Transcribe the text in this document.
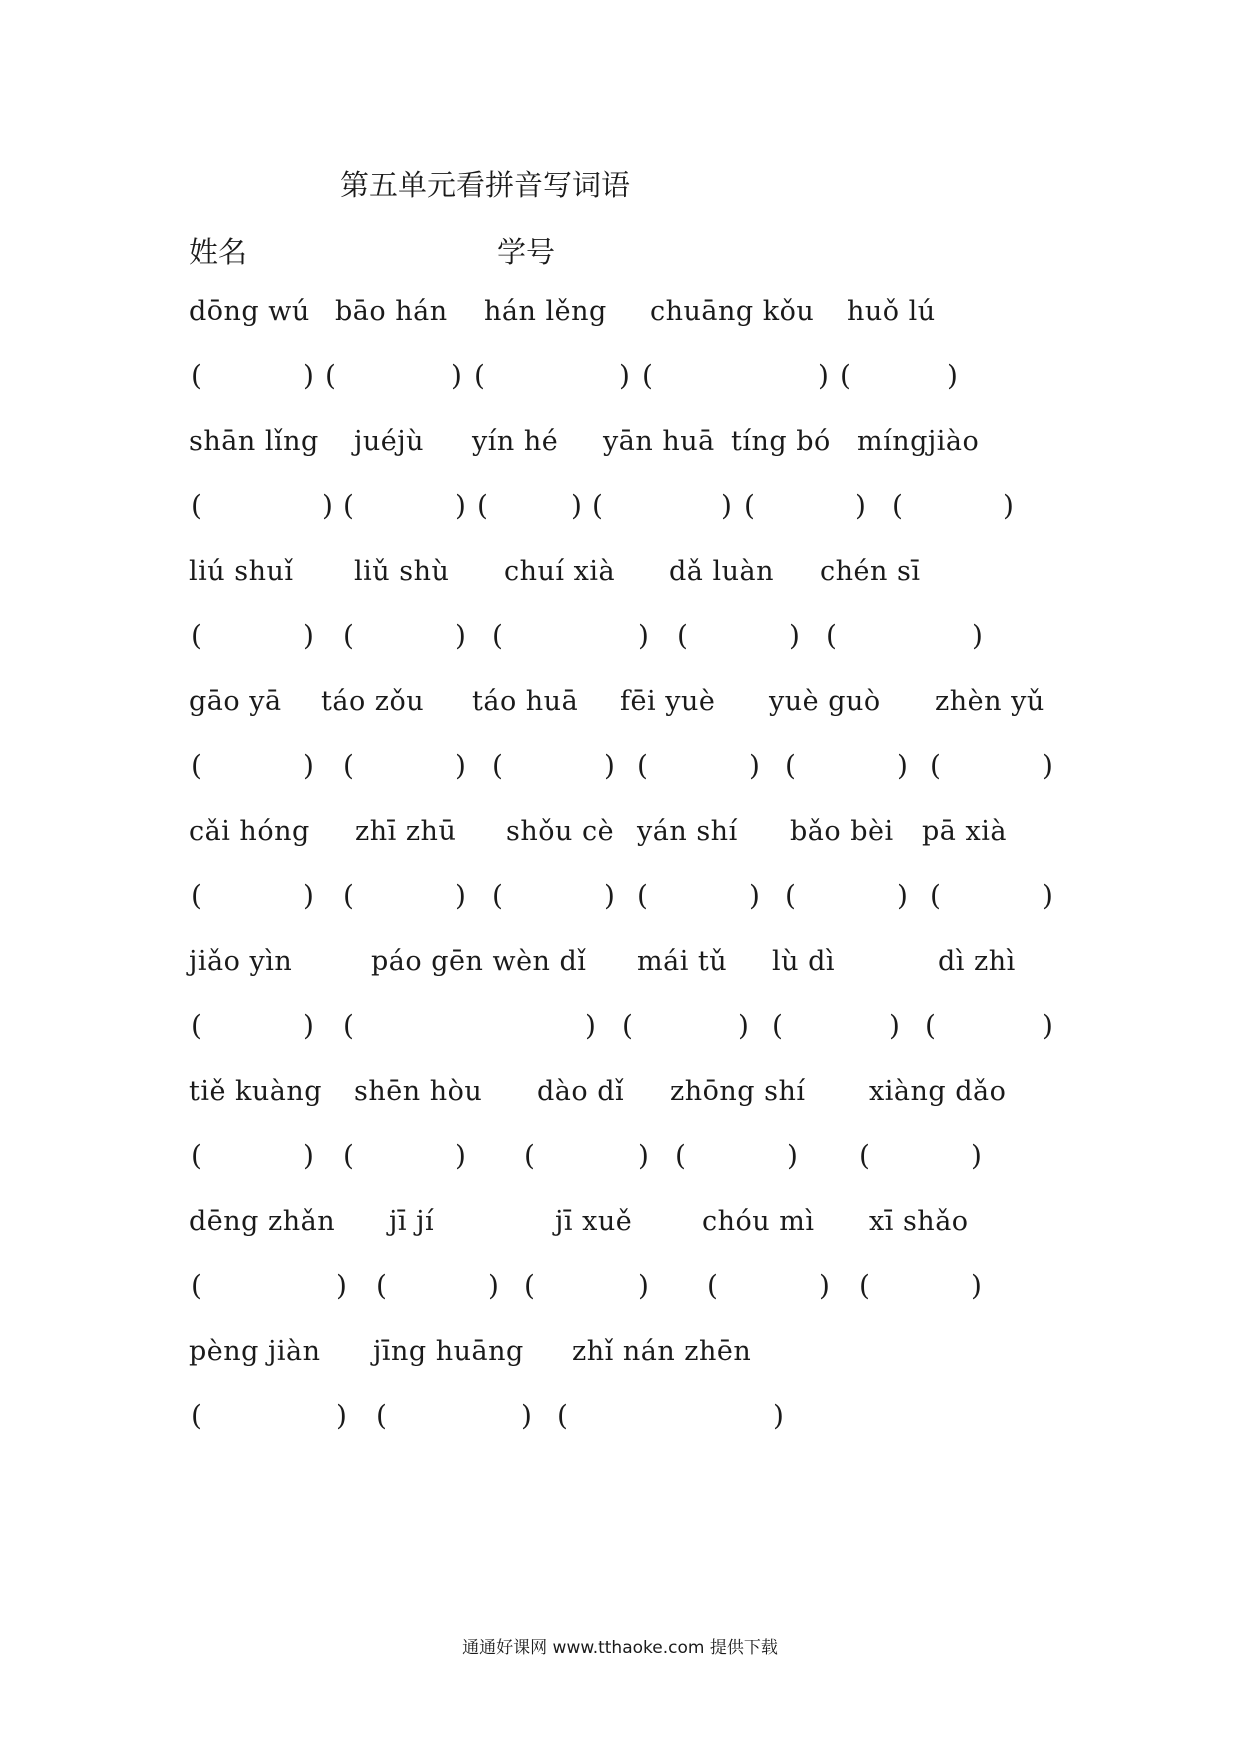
第五单元看拼音写词语
姓名	学号
dōng wú bāo hán hán lěng chuāng kǒu huǒ lú
(	) (	) (	) (	) (	)
shān lǐng juéjù yín hé yān huā tíng bó míngjiào
(	) (	) (	) (	) (	) (	)
liú shuǐ liǔ shù chuí xià dǎ luàn chén sī
(	) (	) (	) (	) (	)
gāo yā táo zǒu táo huā fēi yuè yuè guò zhèn yǔ
(	) (	) (	) (	) (	) (	)
cǎi hóng zhī zhū shǒu cè yán shí bǎo bèi pā xià
(	) (	) (	) (	) (	) (	)
jiǎo yìn	páo gēn wèn dǐ mái tǔ lù dì	dì zhì
(	) (	) (	) (	) (	)
tiě kuàng shēn hòu dào dǐ zhōng shí xiàng dǎo
(	) (	) (	) (	) (	)
dēng zhǎn jī jí	jī xuě	chóu mì xī shǎo
(	) (	) (	) (	) (	)
pèng jiàn jīng huāng zhǐ nán zhēn
(	) (	) (	)
通通好课网 www.tthaoke.com 提供下载
